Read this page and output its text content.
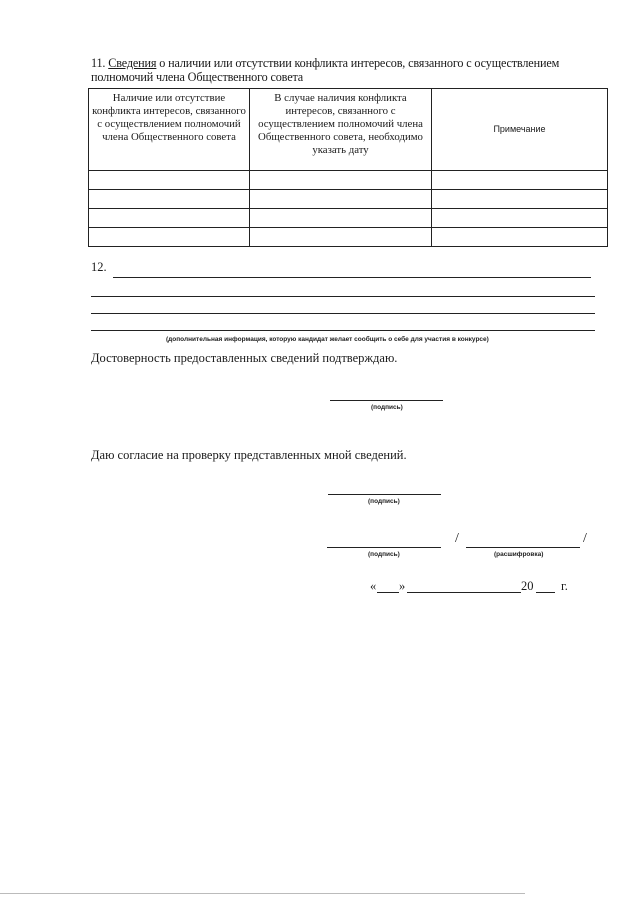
11. Сведения о наличии или отсутствии конфликта интересов, связанного с осуществлением
полномочий члена Общественного совета
Наличие или отсутствие конфликта интересов, связанного с осуществлением полномочий члена Общественного совета	В случае наличия конфликта интересов, связанного с осуществлением полномочий члена Общественного совета, необходимо указать дату	Примечание

12.
(дополнительная информация, которую кандидат желает сообщить о себе для участия в конкурсе)
Достоверность предоставленных сведений подтверждаю.
(подпись)
Даю согласие на проверку представленных мной сведений.
(подпись)
/	/
(подпись)	(расшифровка)
« »	20 г.
